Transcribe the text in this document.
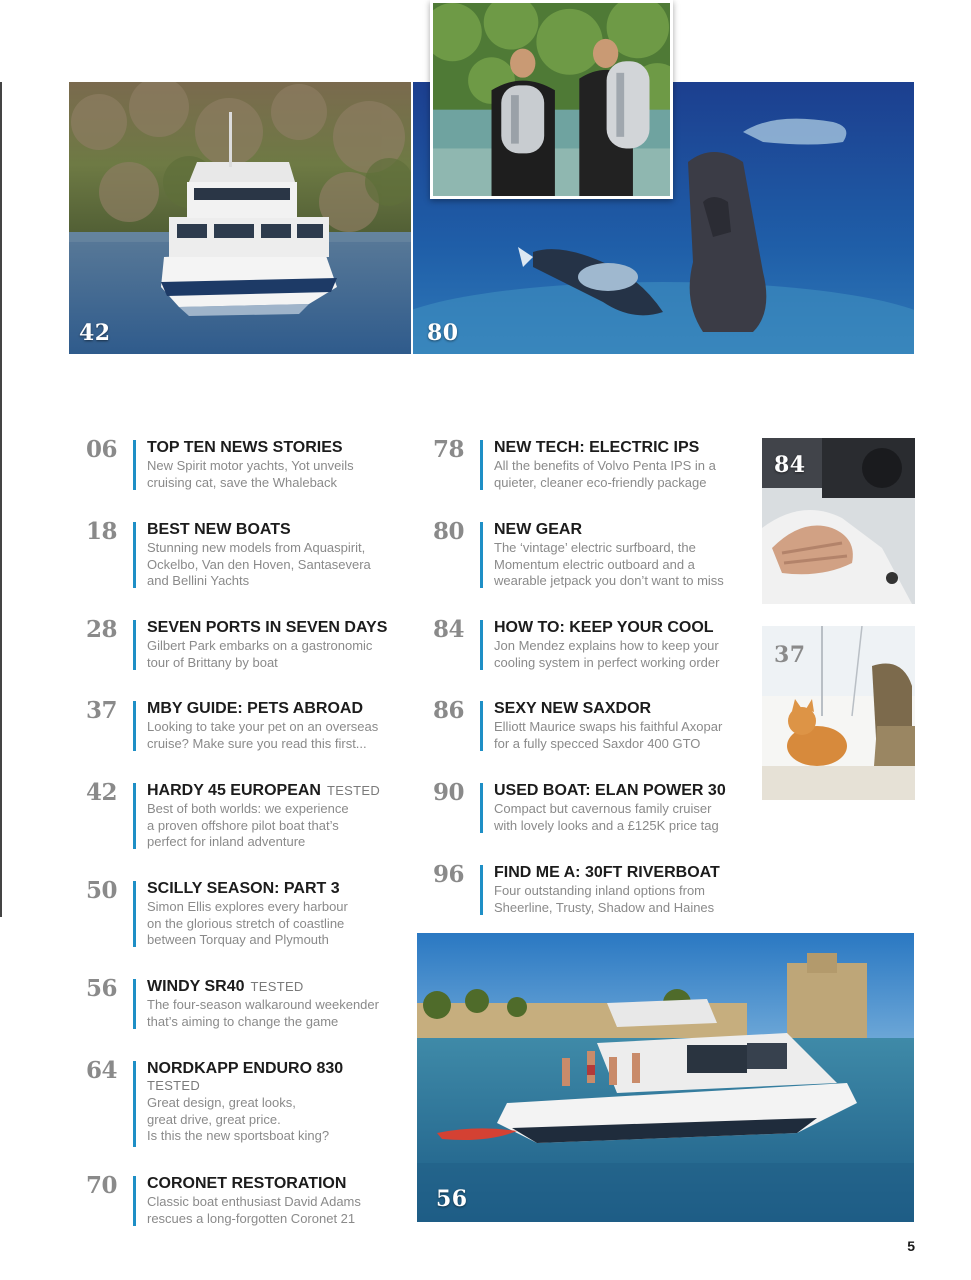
42	80
84
37
56
06	TOP TEN NEWS STORIES
New Spirit motor yachts, Yot unveils
cruising cat, save the Whaleback
18	BEST NEW BOATS
Stunning new models from Aquaspirit,
Ockelbo, Van den Hoven, Santasevera
and Bellini Yachts
28	SEVEN PORTS IN SEVEN DAYS
Gilbert Park embarks on a gastronomic
tour of Brittany by boat
37	MBY GUIDE: PETS ABROAD
Looking to take your pet on an overseas
cruise? Make sure you read this first...
42	HARDY 45 EUROPEAN TESTED
Best of both worlds: we experience
a proven offshore pilot boat that’s
perfect for inland adventure
50	SCILLY SEASON: PART 3
Simon Ellis explores every harbour
on the glorious stretch of coastline
between Torquay and Plymouth
56	WINDY SR40 TESTED
The four-season walkaround weekender
that’s aiming to change the game
64	NORDKAPP ENDURO 830
TESTED
Great design, great looks,
great drive, great price.
Is this the new sportsboat king?
70	CORONET RESTORATION
Classic boat enthusiast David Adams
rescues a long-forgotten Coronet 21
78	NEW TECH: ELECTRIC IPS
All the benefits of Volvo Penta IPS in a
quieter, cleaner eco-friendly package
80	NEW GEAR
The ‘vintage’ electric surfboard, the
Momentum electric outboard and a
wearable jetpack you don’t want to miss
84	HOW TO: KEEP YOUR COOL
Jon Mendez explains how to keep your
cooling system in perfect working order
86	SEXY NEW SAXDOR
Elliott Maurice swaps his faithful Axopar
for a fully specced Saxdor 400 GTO
90	USED BOAT: ELAN POWER 30
Compact but cavernous family cruiser
with lovely looks and a £125K price tag
96	FIND ME A: 30FT RIVERBOAT
Four outstanding inland options from
Sheerline, Trusty, Shadow and Haines
5
